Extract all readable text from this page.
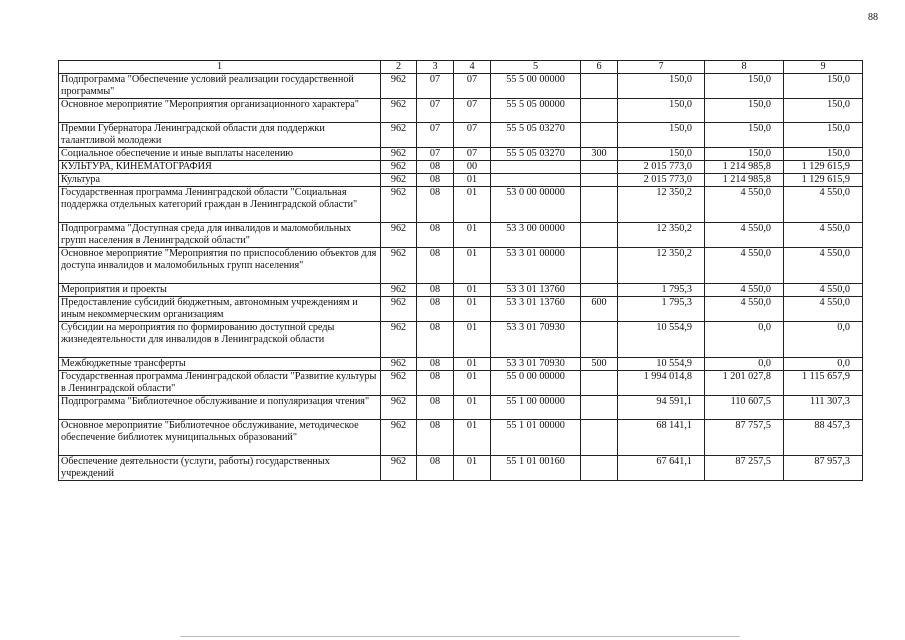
88
1	2	3	4	5	6	7	8	9
Подпрограмма "Обеспечение условий реализации государственной программы"	962	07	07	55 5 00 00000		150,0	150,0	150,0
Основное мероприятие "Мероприятия организационного характера"	962	07	07	55 5 05 00000		150,0	150,0	150,0
Премии Губернатора Ленинградской области для поддержки талантливой молодежи	962	07	07	55 5 05 03270		150,0	150,0	150,0
Социальное обеспечение и иные выплаты населению	962	07	07	55 5 05 03270	300	150,0	150,0	150,0
КУЛЬТУРА, КИНЕМАТОГРАФИЯ	962	08	00			2 015 773,0	1 214 985,8	1 129 615,9
Культура	962	08	01			2 015 773,0	1 214 985,8	1 129 615,9
Государственная программа Ленинградской области "Социальная поддержка отдельных категорий граждан в Ленинградской области"	962	08	01	53 0 00 00000		12 350,2	4 550,0	4 550,0
Подпрограмма "Доступная среда для инвалидов и маломобильных групп населения в Ленинградской области"	962	08	01	53 3 00 00000		12 350,2	4 550,0	4 550,0
Основное мероприятие "Мероприятия по приспособлению объектов для доступа инвалидов и маломобильных групп населения"	962	08	01	53 3 01 00000		12 350,2	4 550,0	4 550,0
Мероприятия и проекты	962	08	01	53 3 01 13760		1 795,3	4 550,0	4 550,0
Предоставление субсидий бюджетным, автономным учреждениям и иным некоммерческим организациям	962	08	01	53 3 01 13760	600	1 795,3	4 550,0	4 550,0
Субсидии на мероприятия по формированию доступной среды жизнедеятельности для инвалидов в Ленинградской области	962	08	01	53 3 01 70930		10 554,9	0,0	0,0
Межбюджетные трансферты	962	08	01	53 3 01 70930	500	10 554,9	0,0	0,0
Государственная программа Ленинградской области "Развитие культуры в Ленинградской области"	962	08	01	55 0 00 00000		1 994 014,8	1 201 027,8	1 115 657,9
Подпрограмма "Библиотечное обслуживание и популяризация чтения"	962	08	01	55 1 00 00000		94 591,1	110 607,5	111 307,3
Основное мероприятие "Библиотечное обслуживание, методическое обеспечение библиотек муниципальных образований"	962	08	01	55 1 01 00000		68 141,1	87 757,5	88 457,3
Обеспечение деятельности (услуги, работы) государственных учреждений	962	08	01	55 1 01 00160		67 641,1	87 257,5	87 957,3
